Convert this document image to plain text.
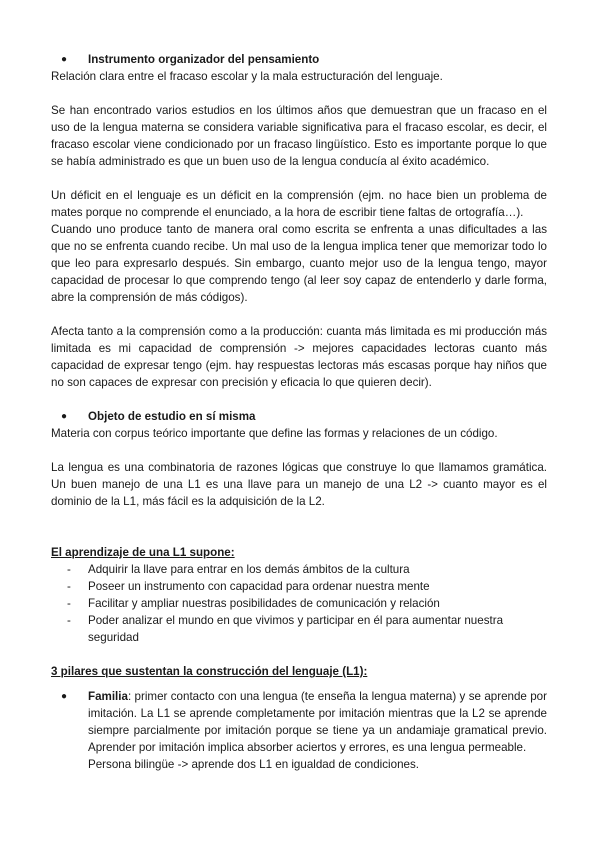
● Instrumento organizador del pensamiento

Relación clara entre el fracaso escolar y la mala estructuración del lenguaje.

Se han encontrado varios estudios en los últimos años que demuestran que un fracaso en el uso de la lengua materna se considera variable significativa para el fracaso escolar, es decir, el fracaso escolar viene condicionado por un fracaso lingüístico. Esto es importante porque lo que se había administrado es que un buen uso de la lengua conducía al éxito académico.

Un déficit en el lenguaje es un déficit en la comprensión (ejm. no hace bien un problema de mates porque no comprende el enunciado, a la hora de escribir tiene faltas de ortografía…).

Cuando uno produce tanto de manera oral como escrita se enfrenta a unas dificultades a las que no se enfrenta cuando recibe. Un mal uso de la lengua implica tener que memorizar todo lo que leo para expresarlo después. Sin embargo, cuanto mejor uso de la lengua tengo, mayor capacidad de procesar lo que comprendo tengo (al leer soy capaz de entenderlo y darle forma, abre la comprensión de más códigos).

Afecta tanto a la comprensión como a la producción: cuanta más limitada es mi producción más limitada es mi capacidad de comprensión -> mejores capacidades lectoras cuanto más capacidad de expresar tengo (ejm. hay respuestas lectoras más escasas porque hay niños que no son capaces de expresar con precisión y eficacia lo que quieren decir).

● Objeto de estudio en sí misma

Materia con corpus teórico importante que define las formas y relaciones de un código.

La lengua es una combinatoria de razones lógicas que construye lo que llamamos gramática. Un buen manejo de una L1 es una llave para un manejo de una L2 -> cuanto mayor es el dominio de la L1, más fácil es la adquisición de la L2.

El aprendizaje de una L1 supone:

- Adquirir la llave para entrar en los demás ámbitos de la cultura
- Poseer un instrumento con capacidad para ordenar nuestra mente
- Facilitar y ampliar nuestras posibilidades de comunicación y relación
- Poder analizar el mundo en que vivimos y participar en él para aumentar nuestra seguridad

3 pilares que sustentan la construcción del lenguaje (L1):

● Familia: primer contacto con una lengua (te enseña la lengua materna) y se aprende por imitación. La L1 se aprende completamente por imitación mientras que la L2 se aprende siempre parcialmente por imitación porque se tiene ya un andamiaje gramatical previo. Aprender por imitación implica absorber aciertos y errores, es una lengua permeable.

Persona bilingüe -> aprende dos L1 en igualdad de condiciones.
